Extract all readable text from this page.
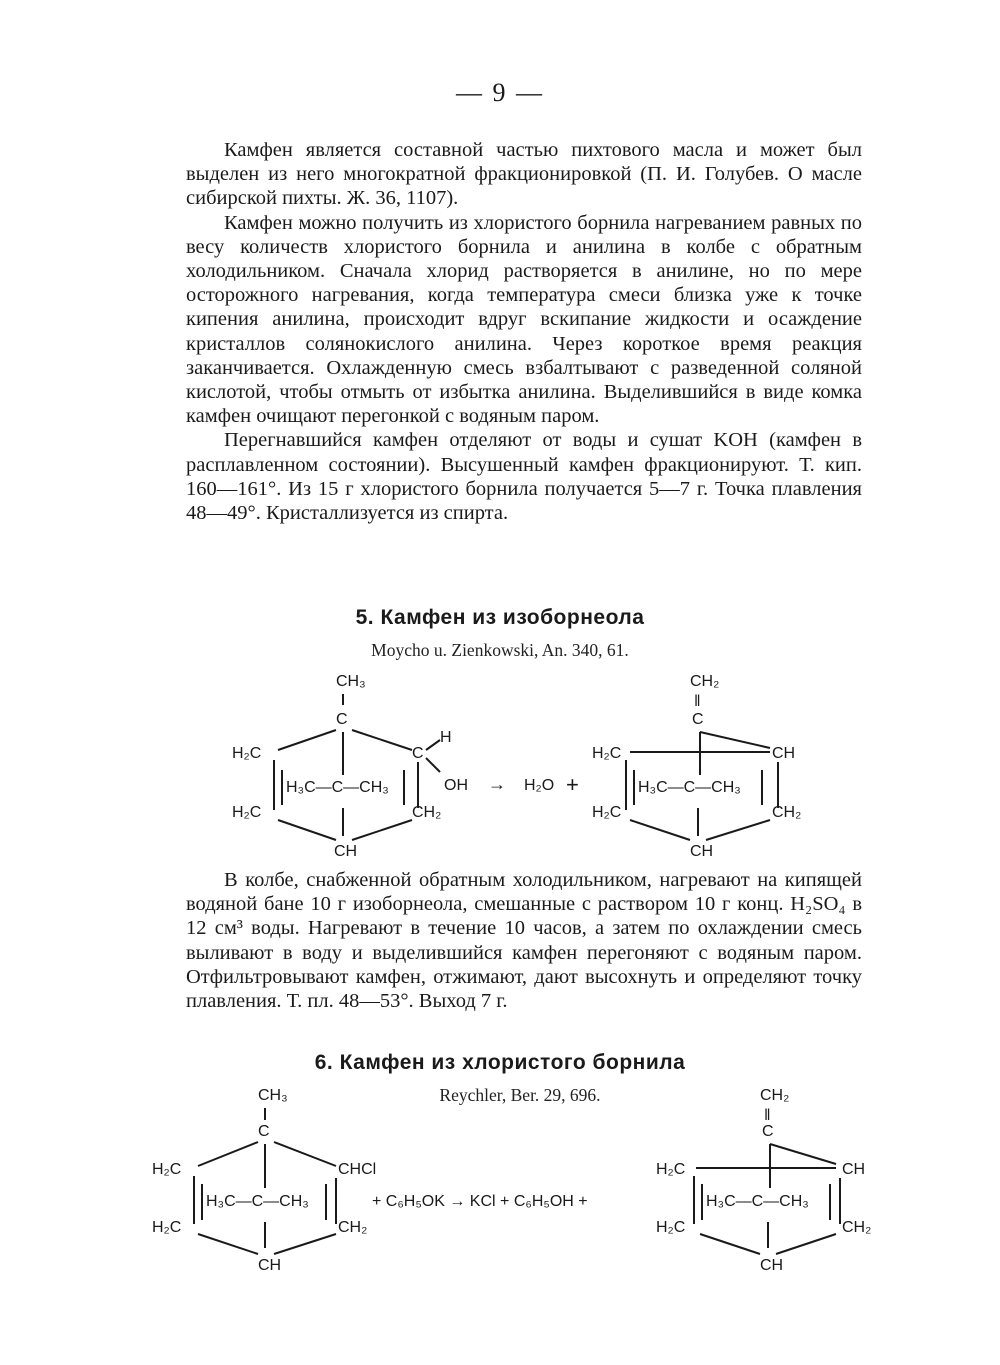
— 9 —

Камфен является составной частью пихтового масла и может был выделен из него многократной фракционировкой (П. И. Голубев. О масле сибирской пихты. Ж. 36, 1107).

Камфен можно получить из хлористого борнила нагреванием равных по весу количеств хлористого борнила и анилина в колбе с обратным холодильником. Сначала хлорид растворяется в анилине, но по мере осторожного нагревания, когда температура смеси близка уже к точке кипения анилина, происходит вдруг вскипание жидкости и осаждение кристаллов солянокислого анилина. Через короткое время реакция заканчивается. Охлажденную смесь взбалтывают с разведенной соляной кислотой, чтобы отмыть от избытка анилина. Выделившийся в виде комка камфен очищают перегонкой с водяным паром.

Перегнавшийся камфен отделяют от воды и сушат KOH (камфен в расплавленном состоянии). Высушенный камфен фракционируют. Т. кип. 160—161°. Из 15 г хлористого борнила получается 5—7 г. Точка плавления 48—49°. Кристаллизуется из спирта.

5. Камфен из изоборнеола
Moycho u. Zienkowski, An. 340, 61.
CH₃
C
H₂C
H₂C
H₃C—C—CH₃
C
H
OH
CH₂
CH
→ H₂O +
CH₂
‖
C
H₂C	CH
H₃C—C—CH₃
H₂C	CH₂
CH

В колбе, снабженной обратным холодильником, нагревают на кипящей водяной бане 10 г изоборнеола, смешанные с раствором 10 г конц. H₂SO₄ в 12 см³ воды. Нагревают в течение 10 часов, а затем по охлаждении смесь выливают в воду и выделившийся камфен перегоняют с водяным паром. Отфильтровывают камфен, отжимают, дают высохнуть и определяют точку плавления. Т. пл. 48—53°. Выход 7 г.

6. Камфен из хлористого борнила
Reychler, Ber. 29, 696.
CH₃
C
H₂C	CHCl
H₃C—C—CH₃
H₂C	CH₂
CH
+ C₆H₅OK → KCl + C₆H₅OH +
CH₂
‖
C
H₂C	CH
H₃C—C—CH₃
H₂C	CH₂
CH
